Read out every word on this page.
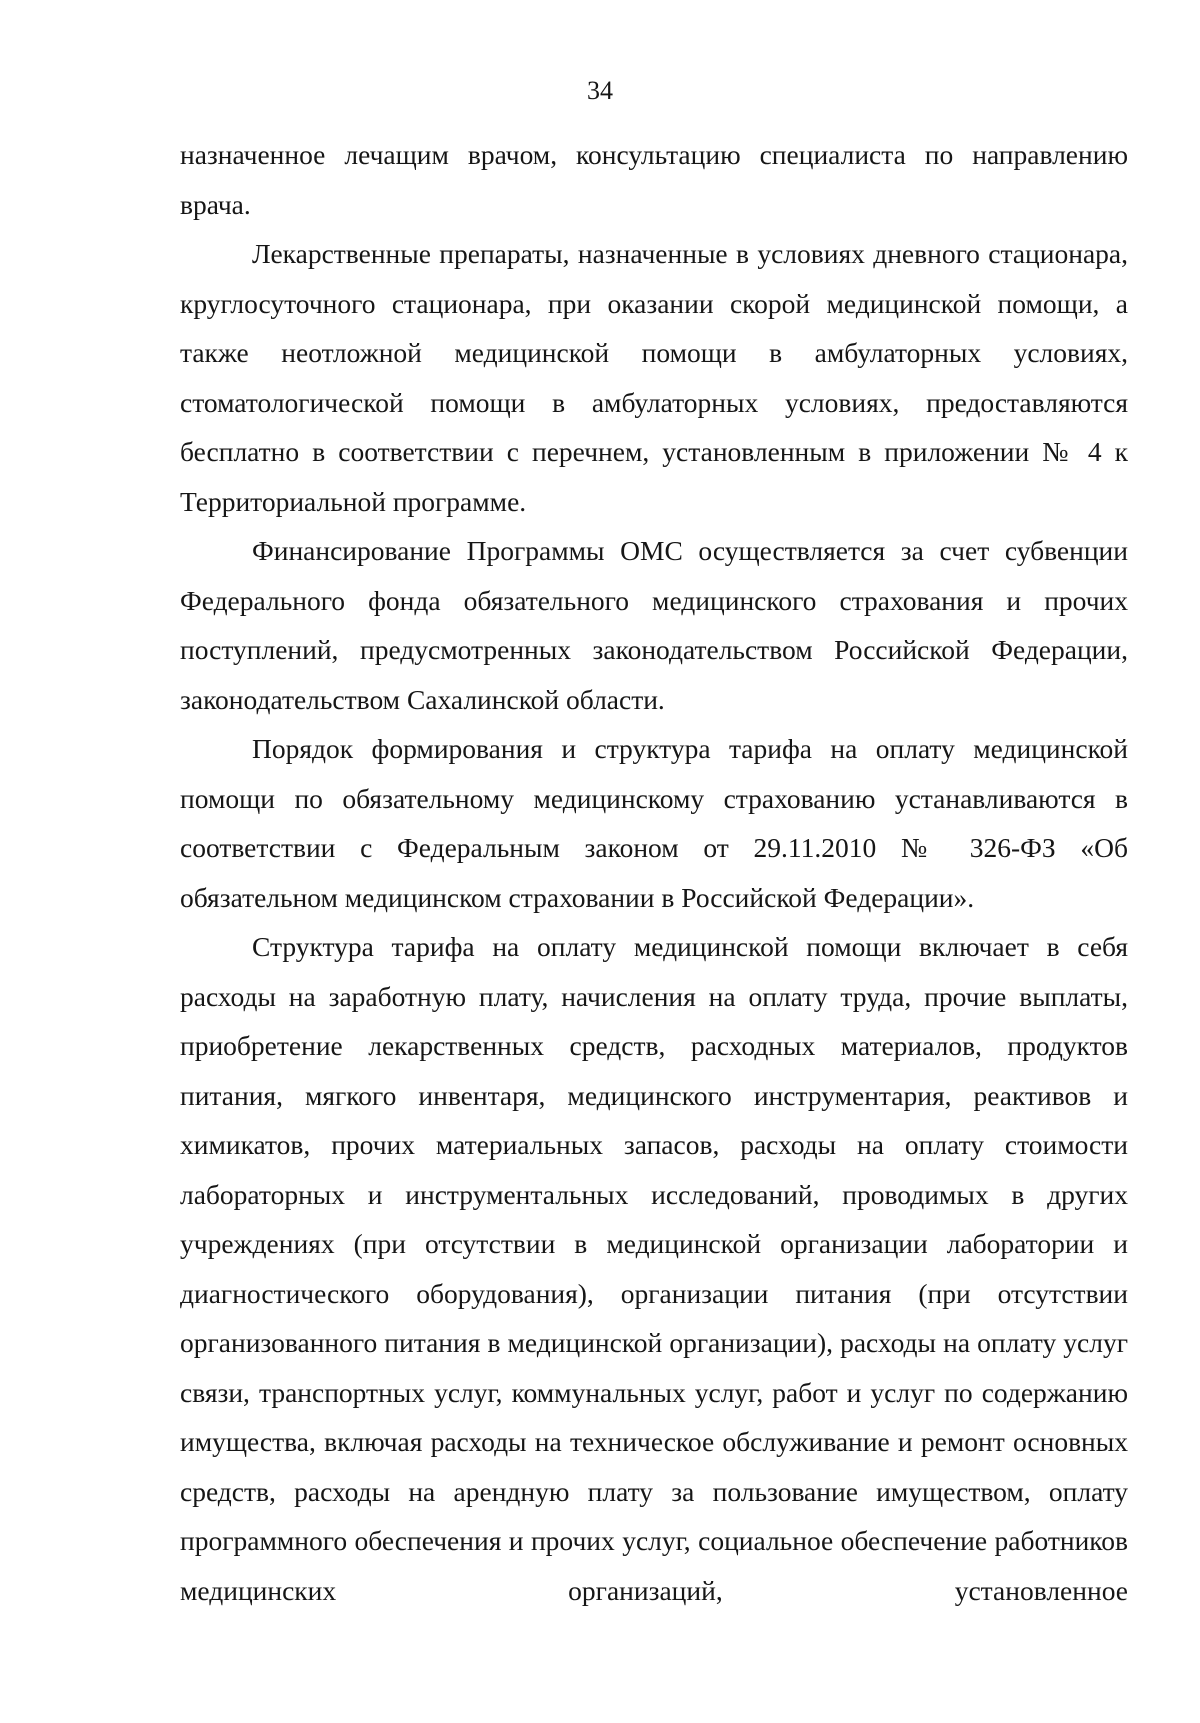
34

назначенное лечащим врачом, консультацию специалиста по направлению врача.

Лекарственные препараты, назначенные в условиях дневного стационара, круглосуточного стационара, при оказании скорой медицинской помощи, а также неотложной медицинской помощи в амбулаторных условиях, стоматологической помощи в амбулаторных условиях, предоставляются бесплатно в соответствии с перечнем, установленным в приложении № 4 к Территориальной программе.

Финансирование Программы ОМС осуществляется за счет субвенции Федерального фонда обязательного медицинского страхования и прочих поступлений, предусмотренных законодательством Российской Федерации, законодательством Сахалинской области.

Порядок формирования и структура тарифа на оплату медицинской помощи по обязательному медицинскому страхованию устанавливаются в соответствии с Федеральным законом от 29.11.2010 № 326-ФЗ «Об обязательном медицинском страховании в Российской Федерации».

Структура тарифа на оплату медицинской помощи включает в себя расходы на заработную плату, начисления на оплату труда, прочие выплаты, приобретение лекарственных средств, расходных материалов, продуктов питания, мягкого инвентаря, медицинского инструментария, реактивов и химикатов, прочих материальных запасов, расходы на оплату стоимости лабораторных и инструментальных исследований, проводимых в других учреждениях (при отсутствии в медицинской организации лаборатории и диагностического оборудования), организации питания (при отсутствии организованного питания в медицинской организации), расходы на оплату услуг связи, транспортных услуг, коммунальных услуг, работ и услуг по содержанию имущества, включая расходы на техническое обслуживание и ремонт основных средств, расходы на арендную плату за пользование имуществом, оплату программного обеспечения и прочих услуг, социальное обеспечение работников медицинских организаций, установленное
